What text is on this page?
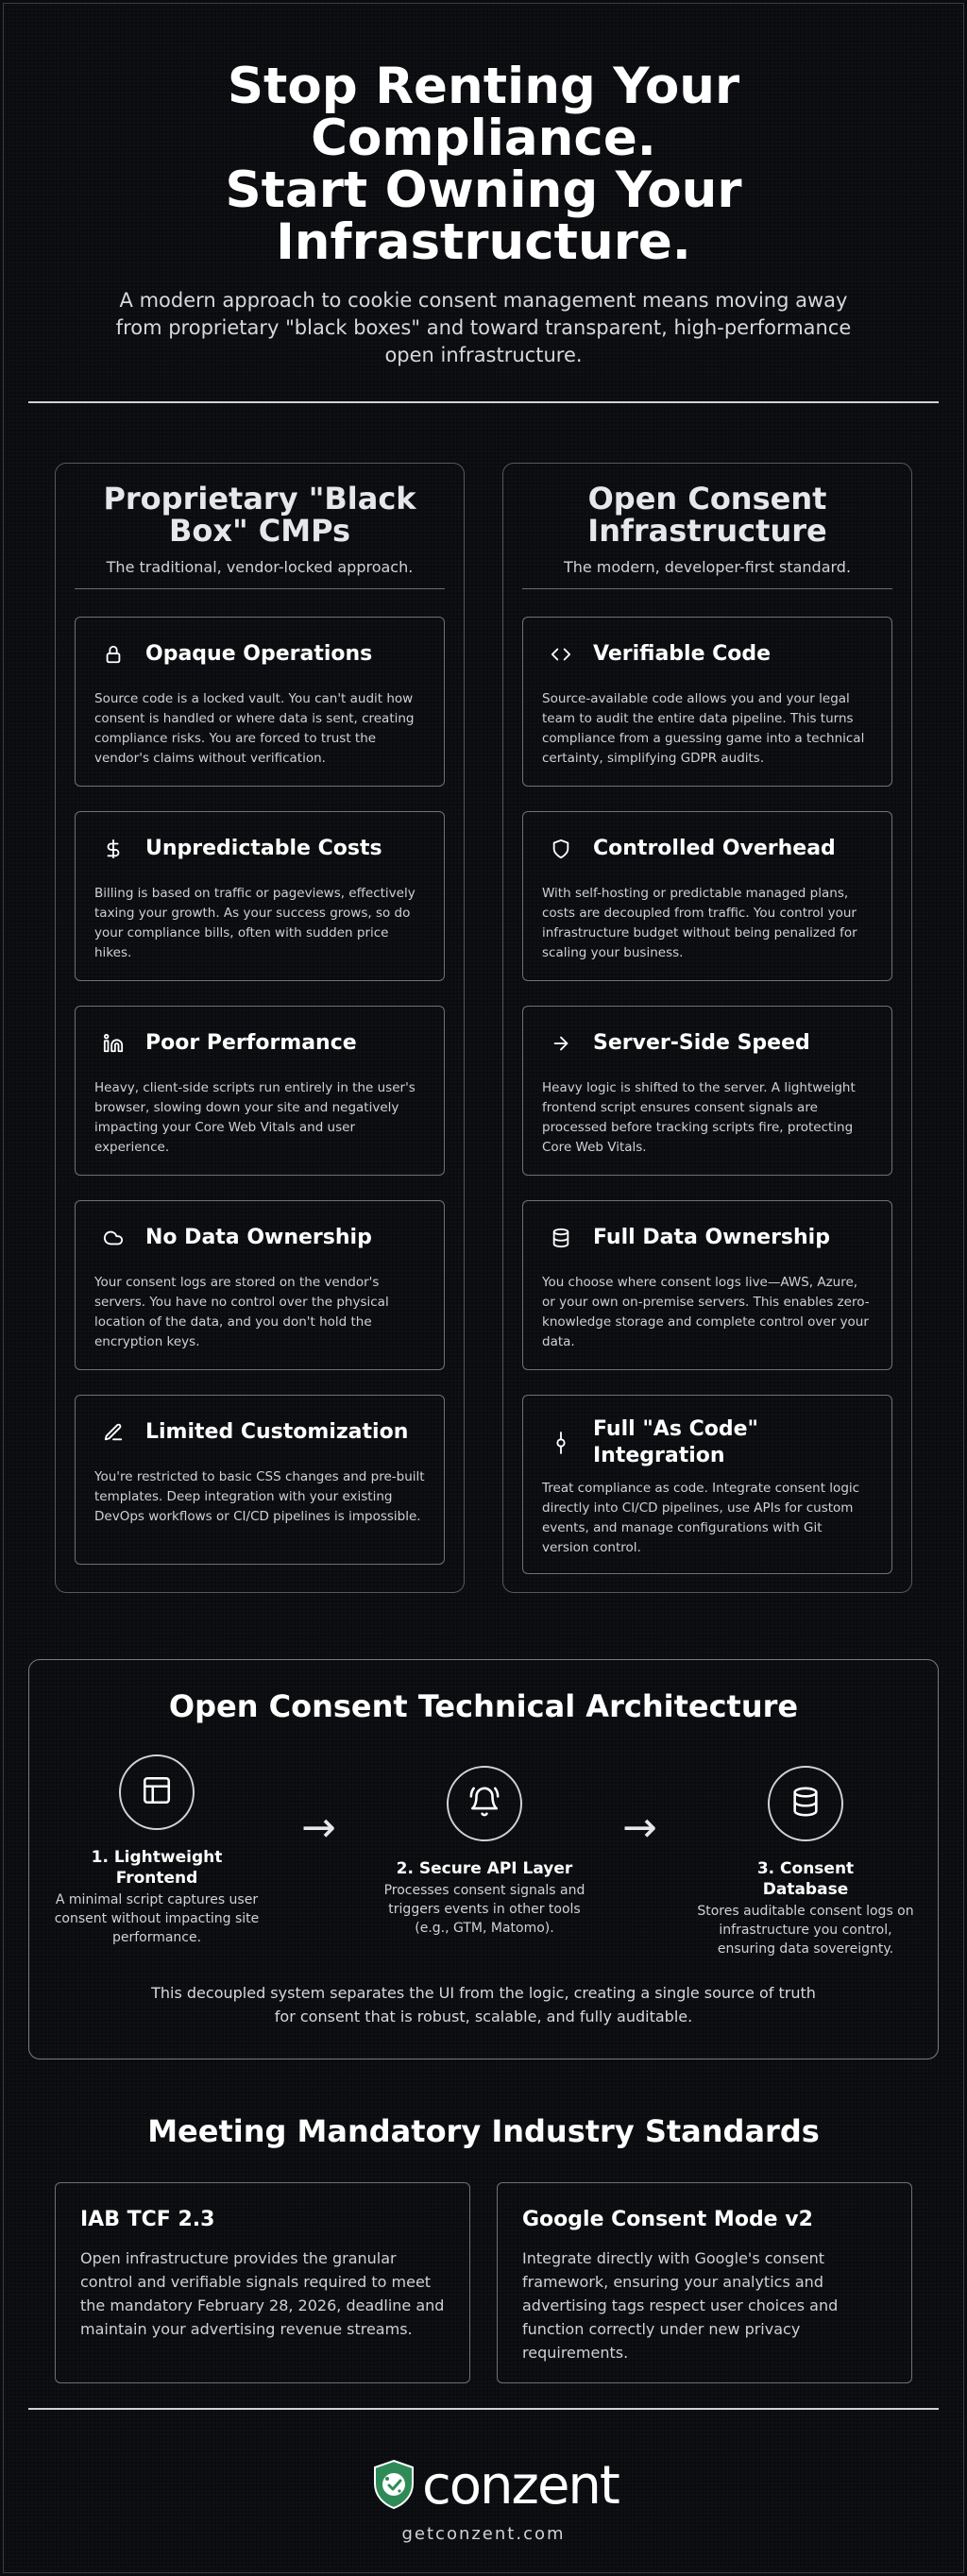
Stop Renting Your Compliance.
Start Owning Your Infrastructure.

A modern approach to cookie consent management means moving away from proprietary "black boxes" and toward transparent, high-performance open infrastructure.

Proprietary "Black Box" CMPs
The traditional, vendor-locked approach.
Opaque Operations
Source code is a locked vault. You can't audit how consent is handled or where data is sent, creating compliance risks. You are forced to trust the vendor's claims without verification.
Unpredictable Costs
Billing is based on traffic or pageviews, effectively taxing your growth. As your success grows, so do your compliance bills, often with sudden price hikes.
Poor Performance
Heavy, client-side scripts run entirely in the user's browser, slowing down your site and negatively impacting your Core Web Vitals and user experience.
No Data Ownership
Your consent logs are stored on the vendor's servers. You have no control over the physical location of the data, and you don't hold the encryption keys.
Limited Customization
You're restricted to basic CSS changes and pre-built templates. Deep integration with your existing DevOps workflows or CI/CD pipelines is impossible.
Open Consent Infrastructure
The modern, developer-first standard.
Verifiable Code
Source-available code allows you and your legal team to audit the entire data pipeline. This turns compliance from a guessing game into a technical certainty, simplifying GDPR audits.
Controlled Overhead
With self-hosting or predictable managed plans, costs are decoupled from traffic. You control your infrastructure budget without being penalized for scaling your business.
Server-Side Speed
Heavy logic is shifted to the server. A lightweight frontend script ensures consent signals are processed before tracking scripts fire, protecting Core Web Vitals.
Full Data Ownership
You choose where consent logs live—AWS, Azure, or your own on-premise servers. This enables zero-knowledge storage and complete control over your data.
Full "As Code" Integration
Treat compliance as code. Integrate consent logic directly into CI/CD pipelines, use APIs for custom events, and manage configurations with Git version control.
Open Consent Technical Architecture
1. Lightweight Frontend
A minimal script captures user consent without impacting site performance.
→
2. Secure API Layer
Processes consent signals and triggers events in other tools (e.g., GTM, Matomo).
→
3. Consent Database
Stores auditable consent logs on infrastructure you control, ensuring data sovereignty.
This decoupled system separates the UI from the logic, creating a single source of truth for consent that is robust, scalable, and fully auditable.
Meeting Mandatory Industry Standards
IAB TCF 2.3
Open infrastructure provides the granular control and verifiable signals required to meet the mandatory February 28, 2026, deadline and maintain your advertising revenue streams.
Google Consent Mode v2
Integrate directly with Google's consent framework, ensuring your analytics and advertising tags respect user choices and function correctly under new privacy requirements.
conzent
getconzent.com
